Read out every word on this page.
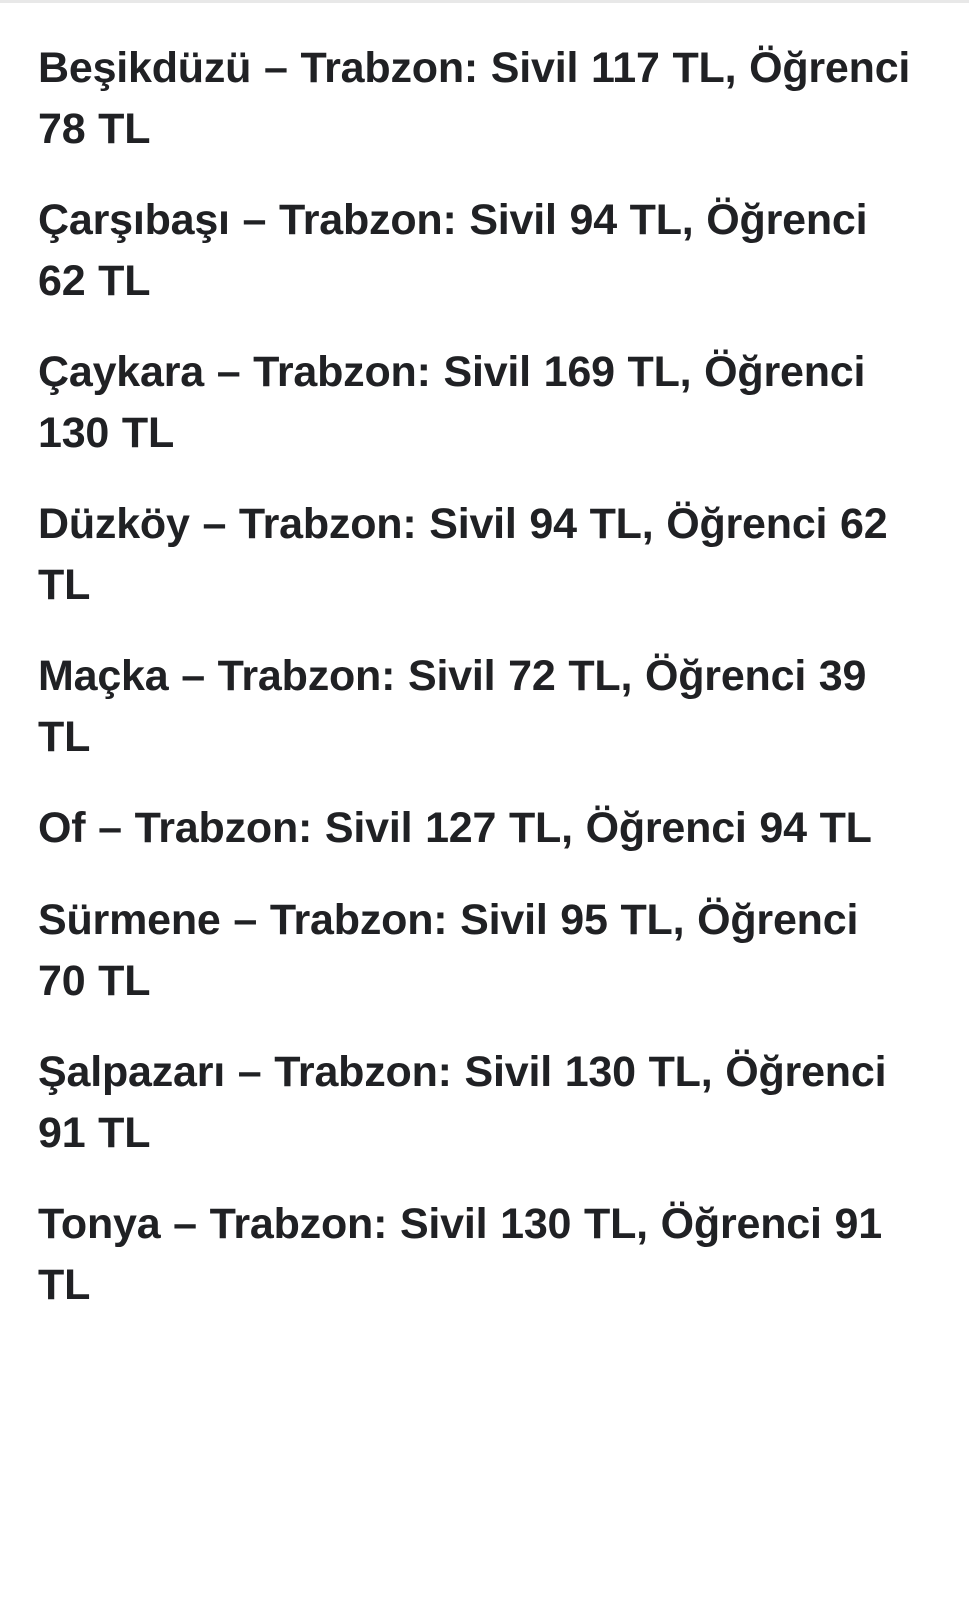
Beşikdüzü – Trabzon: Sivil 117 TL, Öğrenci 78 TL
Çarşıbaşı – Trabzon: Sivil 94 TL, Öğrenci 62 TL
Çaykara – Trabzon: Sivil 169 TL, Öğrenci 130 TL
Düzköy – Trabzon: Sivil 94 TL, Öğrenci 62 TL
Maçka – Trabzon: Sivil 72 TL, Öğrenci 39 TL
Of – Trabzon: Sivil 127 TL, Öğrenci 94 TL
Sürmene – Trabzon: Sivil 95 TL, Öğrenci 70 TL
Şalpazarı – Trabzon: Sivil 130 TL, Öğrenci 91 TL
Tonya – Trabzon: Sivil 130 TL, Öğrenci 91 TL
